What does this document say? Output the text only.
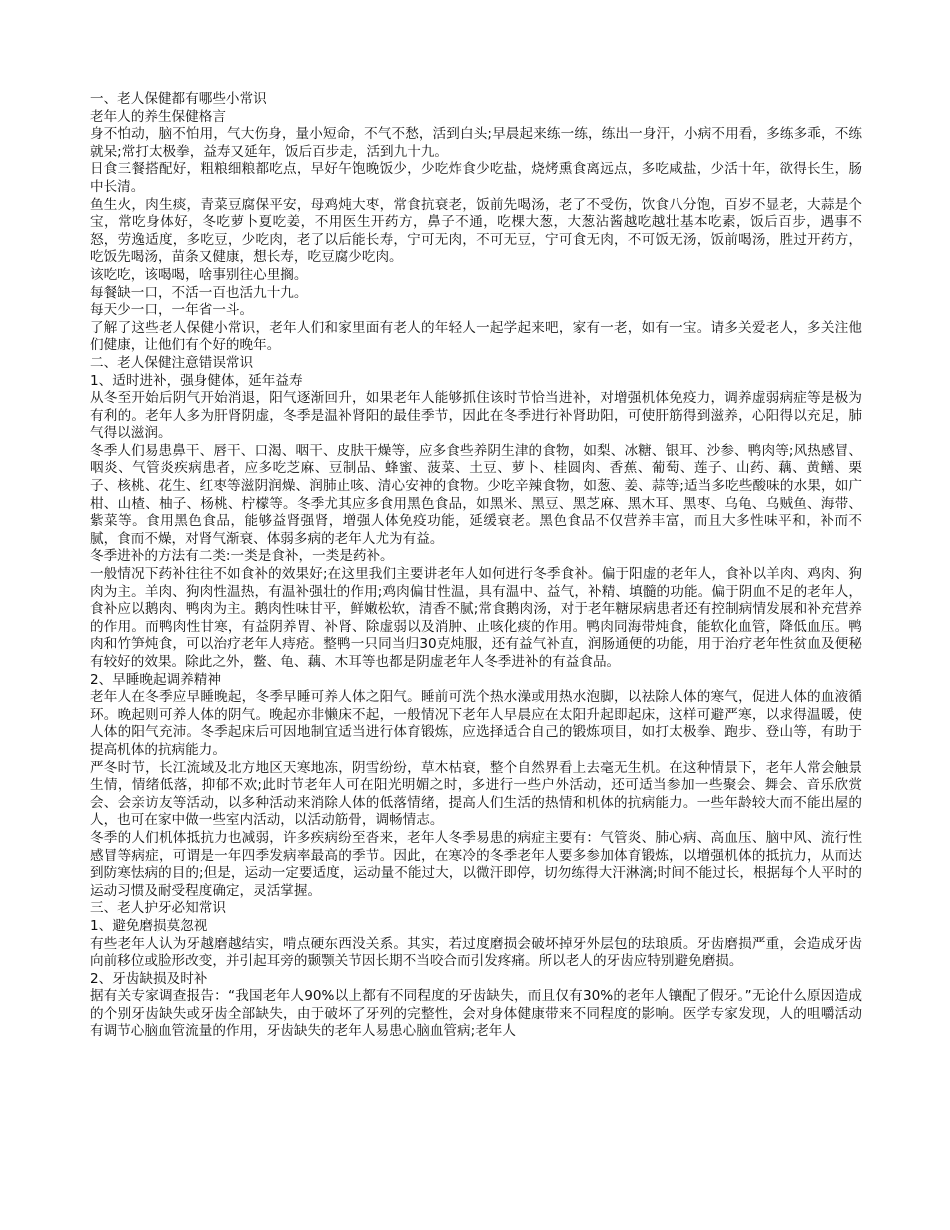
一、老人保健都有哪些小常识

老年人的养生保健格言

身不怕动，脑不怕用，气大伤身，量小短命，不气不愁，活到白头;早晨起来练一练，练出一身汗，小病不用看，多练多乖，不练就呆;常打太极拳，益寿又延年，饭后百步走，活到九十九。

日食三餐搭配好，粗粮细粮都吃点，早好午饱晚饭少，少吃炸食少吃盐，烧烤熏食离远点，多吃咸盐，少活十年，欲得长生，肠中长清。

鱼生火，肉生痰，青菜豆腐保平安，母鸡炖大枣，常食抗衰老，饭前先喝汤，老了不受伤，饮食八分饱，百岁不显老，大蒜是个宝，常吃身体好，冬吃萝卜夏吃姜，不用医生开药方，鼻子不通，吃棵大葱，大葱沾酱越吃越壮基本吃素，饭后百步，遇事不怒，劳逸适度，多吃豆，少吃肉，老了以后能长寿，宁可无肉，不可无豆，宁可食无肉，不可饭无汤，饭前喝汤，胜过开药方，吃饭先喝汤，苗条又健康，想长寿，吃豆腐少吃肉。

该吃吃，该喝喝，啥事别往心里搁。

每餐缺一口，不活一百也活九十九。

每天少一口，一年省一斗。

了解了这些老人保健小常识，老年人们和家里面有老人的年轻人一起学起来吧，家有一老，如有一宝。请多关爱老人，多关注他们健康，让他们有个好的晚年。

二、老人保健注意错误常识

1、适时进补，强身健体，延年益寿

从冬至开始后阴气开始消退，阳气逐渐回升，如果老年人能够抓住该时节恰当进补，对增强机体免疫力，调养虚弱病症等是极为有利的。老年人多为肝肾阴虚，冬季是温补肾阳的最佳季节，因此在冬季进行补肾助阳，可使肝筋得到滋养，心阳得以充足，肺气得以滋润。

冬季人们易患鼻干、唇干、口渴、咽干、皮肤干燥等，应多食些养阴生津的食物，如梨、冰糖、银耳、沙参、鸭肉等;风热感冒、咽炎、气管炎疾病患者，应多吃芝麻、豆制品、蜂蜜、菠菜、土豆、萝卜、桂圆肉、香蕉、葡萄、莲子、山药、藕、黄鳝、栗子、核桃、花生、红枣等滋阴润燥、润肺止咳、清心安神的食物。少吃辛辣食物，如葱、姜、蒜等;适当多吃些酸味的水果，如广柑、山楂、柚子、杨桃、柠檬等。冬季尤其应多食用黑色食品，如黑米、黑豆、黑芝麻、黑木耳、黑枣、乌龟、乌贼鱼、海带、紫菜等。食用黑色食品，能够益肾强肾，增强人体免疫功能，延缓衰老。黑色食品不仅营养丰富，而且大多性味平和，补而不腻，食而不燥，对肾气渐衰、体弱多病的老年人尤为有益。

冬季进补的方法有二类:一类是食补，一类是药补。

一般情况下药补往往不如食补的效果好;在这里我们主要讲老年人如何进行冬季食补。偏于阳虚的老年人，食补以羊肉、鸡肉、狗肉为主。羊肉、狗肉性温热，有温补强壮的作用;鸡肉偏甘性温，具有温中、益气，补精、填髓的功能。偏于阴血不足的老年人，食补应以鹅肉、鸭肉为主。鹅肉性味甘平，鲜嫩松软，清香不腻;常食鹅肉汤，对于老年糖尿病患者还有控制病情发展和补充营养的作用。而鸭肉性甘寒，有益阴养胃、补肾、除虚弱以及消肿、止咳化痰的作用。鸭肉同海带炖食，能软化血管，降低血压。鸭肉和竹笋炖食，可以治疗老年人痔疮。整鸭一只同当归30克炖服，还有益气补直，润肠通便的功能，用于治疗老年性贫血及便秘有较好的效果。除此之外，鳖、龟、藕、木耳等也都是阴虚老年人冬季进补的有益食品。

2、早睡晚起调养精神

老年人在冬季应早睡晚起，冬季早睡可养人体之阳气。睡前可洗个热水澡或用热水泡脚，以祛除人体的寒气，促进人体的血液循环。晚起则可养人体的阴气。晚起亦非懒床不起，一般情况下老年人早晨应在太阳升起即起床，这样可避严寒，以求得温暖，使人体的阳气充沛。冬季起床后可因地制宜适当进行体育锻炼，应选择适合自己的锻炼项目，如打太极拳、跑步、登山等，有助于提高机体的抗病能力。

严冬时节，长江流域及北方地区天寒地冻，阴雪纷纷，草木枯衰，整个自然界看上去毫无生机。在这种情景下，老年人常会触景生情，情绪低落，抑郁不欢;此时节老年人可在阳光明媚之时，多进行一些户外活动，还可适当参加一些聚会、舞会、音乐欣赏会、会亲访友等活动，以多种活动来消除人体的低落情绪，提高人们生活的热情和机体的抗病能力。一些年龄较大而不能出屋的人，也可在家中做一些室内活动，以活动筋骨，调畅情志。

冬季的人们机体抵抗力也减弱，许多疾病纷至沓来，老年人冬季易患的病症主要有：气管炎、肺心病、高血压、脑中风、流行性感冒等病症，可谓是一年四季发病率最高的季节。因此，在寒冷的冬季老年人要多参加体育锻炼，以增强机体的抵抗力，从而达到防寒怯病的目的;但是，运动一定要适度，运动量不能过大，以微汗即停，切勿练得大汗淋漓;时间不能过长，根据每个人平时的运动习惯及耐受程度确定，灵活掌握。

三、老人护牙必知常识

1、避免磨损莫忽视

有些老年人认为牙越磨越结实，啃点硬东西没关系。其实，若过度磨损会破坏掉牙外层包的珐琅质。牙齿磨损严重，会造成牙齿向前移位或脸形改变，并引起耳旁的颞颚关节因长期不当咬合而引发疼痛。所以老人的牙齿应特别避免磨损。

2、牙齿缺损及时补

据有关专家调查报告：“我国老年人90%以上都有不同程度的牙齿缺失，而且仅有30%的老年人镶配了假牙。”无论什么原因造成的个别牙齿缺失或牙齿全部缺失，由于破坏了牙列的完整性，会对身体健康带来不同程度的影响。医学专家发现，人的咀嚼活动有调节心脑血管流量的作用，牙齿缺失的老年人易患心脑血管病;老年人
